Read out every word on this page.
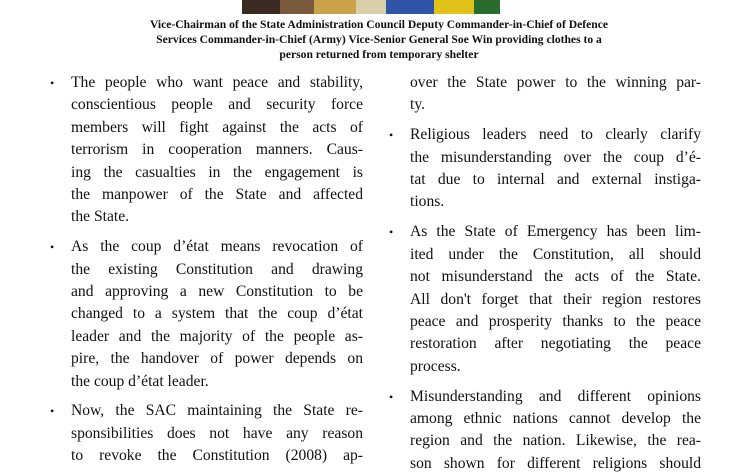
Vice-Chairman of the State Administration Council Deputy Commander-in-Chief of Defence
Services Commander-in-Chief (Army) Vice-Senior General Soe Win providing clothes to a
person returned from temporary shelter
• The people who want peace and stability,
conscientious people and security force
members will fight against the acts of
terrorism in cooperation manners. Caus-
ing the casualties in the engagement is
the manpower of the State and affected
the State.
• As the coup d’état means revocation of
the existing Constitution and drawing
and approving a new Constitution to be
changed to a system that the coup d’état
leader and the majority of the people as-
pire, the handover of power depends on
the coup d’état leader.
• Now, the SAC maintaining the State re-
sponsibilities does not have any reason
to revoke the Constitution (2008) ap-
over the State power to the winning par-
ty.
• Religious leaders need to clearly clarify
the misunderstanding over the coup d’é-
tat due to internal and external instiga-
tions.
• As the State of Emergency has been lim-
ited under the Constitution, all should
not misunderstand the acts of the State.
All don't forget that their region restores
peace and prosperity thanks to the peace
restoration after negotiating the peace
process.
• Misunderstanding and different opinions
among ethnic nations cannot develop the
region and the nation. Likewise, the rea-
son shown for different religions should
